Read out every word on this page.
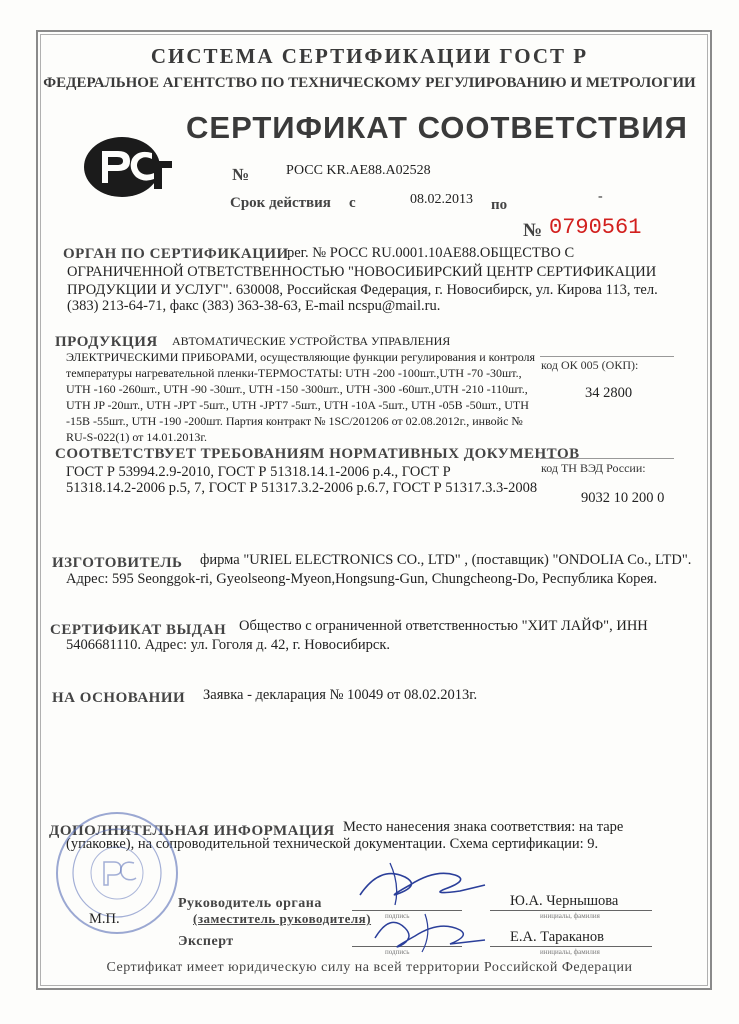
СИСТЕМА СЕРТИФИКАЦИИ ГОСТ Р
ФЕДЕРАЛЬНОЕ АГЕНТСТВО ПО ТЕХНИЧЕСКОМУ РЕГУЛИРОВАНИЮ И МЕТРОЛОГИИ
СЕРТИФИКАТ СООТВЕТСТВИЯ
№	РОСС KR.AE88.A02528
Срок действия с	08.02.2013 по
-
№ 0790561
ОРГАН ПО СЕРТИФИКАЦИИ
рег. № РОСС RU.0001.10AE88.ОБЩЕСТВО С
ОГРАНИЧЕННОЙ ОТВЕТСТВЕННОСТЬЮ "НОВОСИБИРСКИЙ ЦЕНТР СЕРТИФИКАЦИИ
ПРОДУКЦИИ И УСЛУГ". 630008, Российская Федерация, г. Новосибирск, ул. Кирова 113, тел.
(383) 213-64-71, факс (383) 363-38-63, E-mail ncspu@mail.ru.
ПРОДУКЦИЯ АВТОМАТИЧЕСКИЕ УСТРОЙСТВА УПРАВЛЕНИЯ
ЭЛЕКТРИЧЕСКИМИ ПРИБОРАМИ, осуществляющие функции регулирования и контроля
температуры нагревательной пленки-ТЕРМОСТАТЫ: UTH -200 -100шт.,UTH -70 -30шт.,
UTH -160 -260шт., UTH -90 -30шт., UTH -150 -300шт., UTH -300 -60шт.,UTH -210 -110шт.,
UTH JP -20шт., UTH -JPT -5шт., UTH -JPT7 -5шт., UTH -10A -5шт., UTH -05B -50шт., UTH
-15B -55шт., UTH -190 -200шт. Партия контракт № 1SC/201206 от 02.08.2012г., инвойс №
RU-S-022(1) от 14.01.2013г.
код ОК 005 (ОКП):
34 2800
СООТВЕТСТВУЕТ ТРЕБОВАНИЯМ НОРМАТИВНЫХ ДОКУМЕНТОВ
ГОСТ Р 53994.2.9-2010, ГОСТ Р 51318.14.1-2006 р.4., ГОСТ Р
51318.14.2-2006 р.5, 7, ГОСТ Р 51317.3.2-2006 р.6.7, ГОСТ Р 51317.3.3-2008
код ТН ВЭД России:
9032 10 200 0
ИЗГОТОВИТЕЛЬ фирма "URIEL ELECTRONICS CO., LTD" , (поставщик) "ONDOLIA Co., LTD".
Адрес: 595 Seonggok-ri, Gyeolseong-Myeon,Hongsung-Gun, Chungcheong-Do, Республика Корея.
СЕРТИФИКАТ ВЫДАН Общество с ограниченной ответственностью "ХИТ ЛАЙФ", ИНН
5406681110. Адрес: ул. Гоголя д. 42, г. Новосибирск.
НА ОСНОВАНИИ Заявка - декларация № 10049 от 08.02.2013г.
ДОПОЛНИТЕЛЬНАЯ ИНФОРМАЦИЯ Место нанесения знака соответствия: на таре
(упаковке), на сопроводительной технической документации. Схема сертификации: 9.
М.П.
Руководитель органа
(заместитель руководителя)
Эксперт
подпись
подпись
Ю.А. Чернышова
инициалы, фамилия
Е.А. Тараканов
инициалы, фамилия
Сертификат имеет юридическую силу на всей территории Российской Федерации
